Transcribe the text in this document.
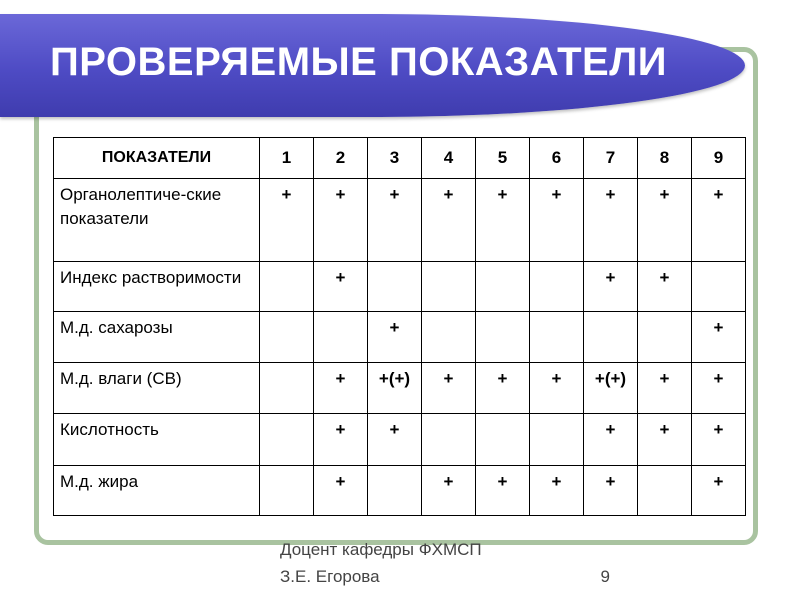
ПРОВЕРЯЕМЫЕ ПОКАЗАТЕЛИ
ПОКАЗАТЕЛИ	1	2	3	4	5	6	7	8	9
Органолептиче-ские показатели	+	+	+	+	+	+	+	+	+
Индекс растворимости		+					+	+	
М.д. сахарозы			+						+
М.д. влаги (СВ)		+	+(+)	+	+	+	+(+)	+	+
Кислотность		+	+				+	+	+
М.д. жира		+		+	+	+	+		+
Доцент кафедры ФХМСП
З.Е. Егорова	9
